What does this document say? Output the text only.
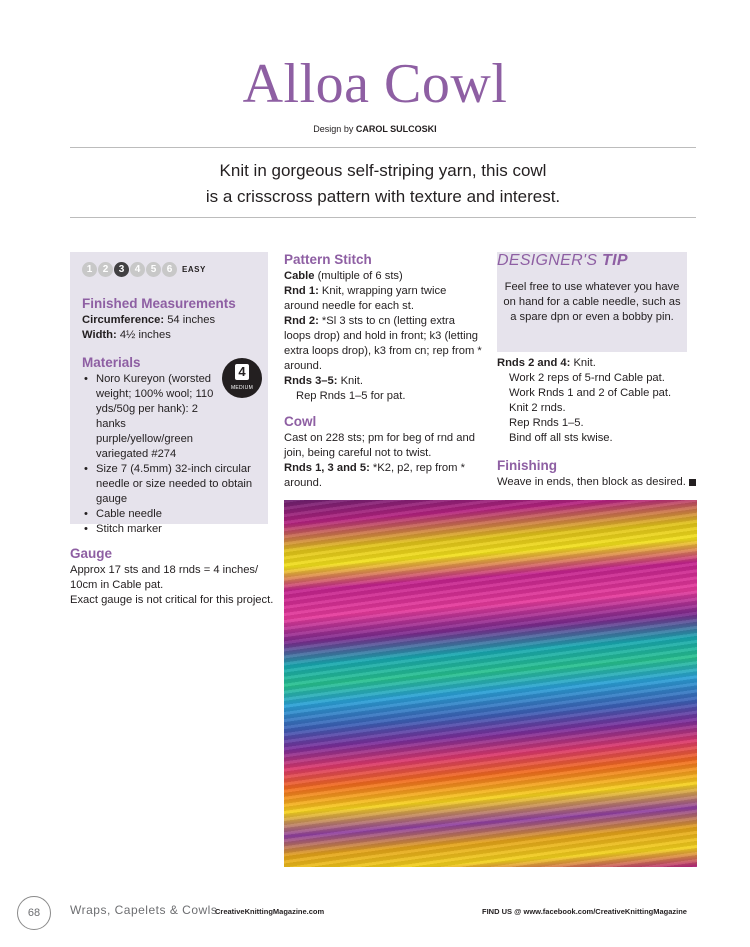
Alloa Cowl
Design by CAROL SULCOSKI
Knit in gorgeous self-striping yarn, this cowl
is a crisscross pattern with texture and interest.
1	2	3	4	5	6	EASY
Finished Measurements

Circumference: 54 inches

Width: 4½ inches

Materials
• Noro Kureyon (worsted weight; 100% wool; 110 yds/50g per hank): 2 hanks purple/yellow/green variegated #274
• Size 7 (4.5mm) 32-inch circular needle or size needed to obtain gauge
• Cable needle
• Stitch marker
4
MEDIUM
Gauge

Approx 17 sts and 18 rnds = 4 inches/ 10cm in Cable pat.

Exact gauge is not critical for this project.

Pattern Stitch

Cable (multiple of 6 sts)

Rnd 1: Knit, wrapping yarn twice around needle for each st.

Rnd 2: *Sl 3 sts to cn (letting extra loops drop) and hold in front; k3 (letting extra loops drop), k3 from cn; rep from * around.

Rnds 3–5: Knit.

Rep Rnds 1–5 for pat.

Cowl

Cast on 228 sts; pm for beg of rnd and join, being careful not to twist.

Rnds 1, 3 and 5: *K2, p2, rep from * around.

DESIGNER'S TIP
Feel free to use whatever you have on hand for a cable needle, such as a spare dpn or even a bobby pin.

Rnds 2 and 4: Knit.

Work 2 reps of 5-rnd Cable pat.

Work Rnds 1 and 2 of Cable pat.

Knit 2 rnds.

Rep Rnds 1–5.

Bind off all sts kwise.

Finishing

Weave in ends, then block as desired.

68	Wraps, Capelets & Cowls
CreativeKnittingMagazine.com	FIND US @ www.facebook.com/CreativeKnittingMagazine
